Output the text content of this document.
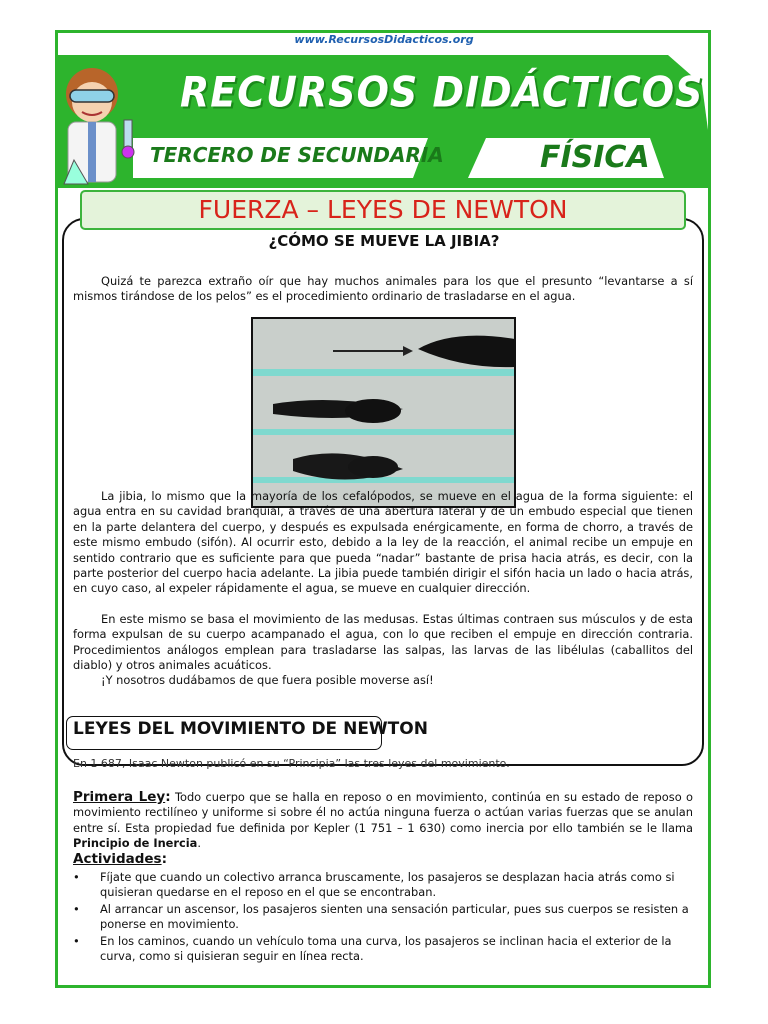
www.RecursosDidacticos.org
RECURSOS DIDÁCTICOS
TERCERO DE SECUNDARIA	FÍSICA
FUERZA – LEYES DE NEWTON
¿CÓMO SE MUEVE LA JIBIA?

Quizá te parezca extraño oír que hay muchos animales para los que el presunto “levantarse a sí mismos tirándose de los pelos” es el procedimiento ordinario de trasladarse en el agua.

La jibia, lo mismo que la mayoría de los cefalópodos, se mueve en el agua de la forma siguiente: el agua entra en su cavidad branquial, a través de una abertura lateral y de un embudo especial que tienen en la parte delantera del cuerpo, y después es expulsada enérgicamente, en forma de chorro, a través de este mismo embudo (sifón). Al ocurrir esto, debido a la ley de la reacción, el animal recibe un empuje en sentido contrario que es suficiente para que pueda “nadar” bastante de prisa hacia atrás, es decir, con la parte posterior del cuerpo hacia adelante. La jibia puede también dirigir el sifón hacia un lado o hacia atrás, en cuyo caso, al expeler rápidamente el agua, se mueve en cualquier dirección.

En este mismo se basa el movimiento de las medusas. Estas últimas contraen sus músculos y de esta forma expulsan de su cuerpo acampanado el agua, con lo que reciben el empuje en dirección contraria. Procedimientos análogos emplean para trasladarse las salpas, las larvas de las libélulas (caballitos del diablo) y otros animales acuáticos.

¡Y nosotros dudábamos de que fuera posible moverse así!

LEYES DEL MOVIMIENTO DE NEWTON
En 1 687, Isaac Newton publicó en su “Principia” las tres leyes del movimiento.

Primera Ley: Todo cuerpo que se halla en reposo o en movimiento, continúa en su estado de reposo o movimiento rectilíneo y uniforme si sobre él no actúa ninguna fuerza o actúan varias fuerzas que se anulan entre sí. Esta propiedad fue definida por Kepler (1 751 – 1 630) como inercia por ello también se le llama Principio de Inercia.

Actividades:
• Fíjate que cuando un colectivo arranca bruscamente, los pasajeros se desplazan hacia atrás como si quisieran quedarse en el reposo en el que se encontraban.
• Al arrancar un ascensor, los pasajeros sienten una sensación particular, pues sus cuerpos se resisten a ponerse en movimiento.
• En los caminos, cuando un vehículo toma una curva, los pasajeros se inclinan hacia el exterior de la curva, como si quisieran seguir en línea recta.
